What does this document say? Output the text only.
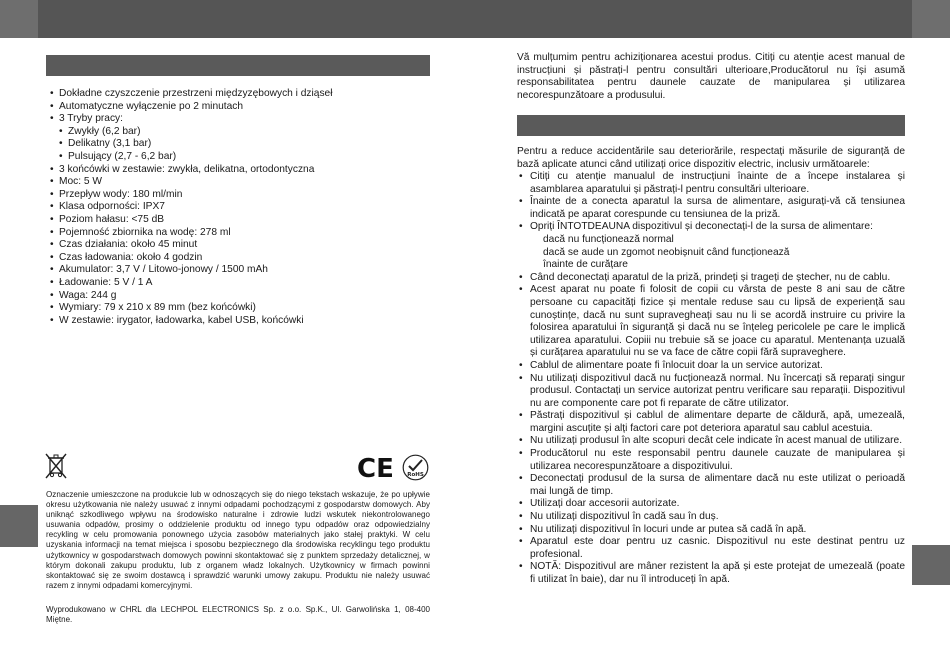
• Dokładne czyszczenie przestrzeni międzyzębowych i dziąseł
• Automatyczne wyłączenie po 2 minutach
• 3 Tryby pracy:
• Zwykły (6,2 bar)
• Delikatny (3,1 bar)
• Pulsujący (2,7 - 6,2 bar)
• 3 końcówki w zestawie: zwykła, delikatna, ortodontyczna
• Moc: 5 W
• Przepływ wody: 180 ml/min
• Klasa odporności: IPX7
• Poziom hałasu: <75 dB
• Pojemność zbiornika na wodę: 278 ml
• Czas działania: około 45 minut
• Czas ładowania: około 4 godzin
• Akumulator: 3,7 V / Litowo-jonowy / 1500 mAh
• Ładowanie: 5 V / 1 A
• Waga: 244 g
• Wymiary: 79 x 210 x 89 mm (bez końcówki)
• W zestawie: irygator, ładowarka, kabel USB, końcówki
CE RoHS

Oznaczenie umieszczone na produkcie lub w odnoszących się do niego tekstach wskazuje, że po upływie okresu użytkowania nie należy usuwać z innymi odpadami pochodzącymi z gospodarstw domowych. Aby uniknąć szkodliwego wpływu na środowisko naturalne i zdrowie ludzi wskutek niekontrolowanego usuwania odpadów, prosimy o oddzielenie produktu od innego typu odpadów oraz odpowiedzialny recykling w celu promowania ponownego użycia zasobów materialnych jako stałej praktyki. W celu uzyskania informacji na temat miejsca i sposobu bezpiecznego dla środowiska recyklingu tego produktu użytkownicy w gospodarstwach domowych powinni skontaktować się z punktem sprzedaży detalicznej, w którym dokonali zakupu produktu, lub z organem władz lokalnych. Użytkownicy w firmach powinni skontaktować się ze swoim dostawcą i sprawdzić warunki umowy zakupu. Produktu nie należy usuwać razem z innymi odpadami komercyjnymi.

Wyprodukowano w CHRL dla LECHPOL ELECTRONICS Sp. z o.o. Sp.K., Ul. Garwolińska 1, 08-400 Miętne.

Vă mulțumim pentru achiziționarea acestui produs. Citiți cu atenție acest manual de instrucțiuni și păstrați-l pentru consultări ulterioare,Producătorul nu își asumă responsabilitatea pentru daunele cauzate de manipularea și utilizarea necorespunzătoare a produsului.

Pentru a reduce accidentările sau deteriorările, respectați măsurile de siguranță de bază aplicate atunci când utilizați orice dispozitiv electric, inclusiv următoarele:

• Citiți cu atenție manualul de instrucțiuni înainte de a începe instalarea și asamblarea aparatului și păstrați-l pentru consultări ulterioare.
• Înainte de a conecta aparatul la sursa de alimentare, asigurați-vă că tensiunea indicată pe aparat corespunde cu tensiunea de la priză.
• Opriți ÎNTOTDEAUNA dispozitivul și deconectați-l de la sursa de alimentare:
dacă nu funcționează normal
dacă se aude un zgomot neobișnuit când funcționează
înainte de curățare
• Când deconectați aparatul de la priză, prindeți și trageți de ștecher, nu de cablu.
• Acest aparat nu poate fi folosit de copii cu vârsta de peste 8 ani sau de către persoane cu capacități fizice și mentale reduse sau cu lipsă de experiență sau cunoștințe, dacă nu sunt supravegheați sau nu li se acordă instruire cu privire la folosirea aparatului în siguranță și dacă nu se înțeleg pericolele pe care le implică utilizarea aparatului. Copiii nu trebuie să se joace cu aparatul. Mentenanța uzuală și curățarea aparatului nu se va face de către copii fără supraveghere.
• Cablul de alimentare poate fi înlocuit doar la un service autorizat.
• Nu utilizați dispozitivul dacă nu fucționează normal. Nu încercați să reparați singur produsul. Contactați un service autorizat pentru verificare sau reparații. Dispozitivul nu are componente care pot fi reparate de către utilizator.
• Păstrați dispozitivul și cablul de alimentare departe de căldură, apă, umezeală, margini ascuțite și alți factori care pot deteriora aparatul sau cablul acestuia.
• Nu utilizați produsul în alte scopuri decât cele indicate în acest manual de utilizare.
• Producătorul nu este responsabil pentru daunele cauzate de manipularea și utilizarea necorespunzătoare a dispozitivului.
• Deconectați produsul de la sursa de alimentare dacă nu este utilizat o perioadă mai lungă de timp.
• Utilizați doar accesorii autorizate.
• Nu utilizați dispozitivul în cadă sau în duș.
• Nu utilizați dispozitivul în locuri unde ar putea să cadă în apă.
• Aparatul este doar pentru uz casnic. Dispozitivul nu este destinat pentru uz profesional.
• NOTĂ: Dispozitivul are mâner rezistent la apă și este protejat de umezeală (poate fi utilizat în baie), dar nu îl introduceți în apă.
